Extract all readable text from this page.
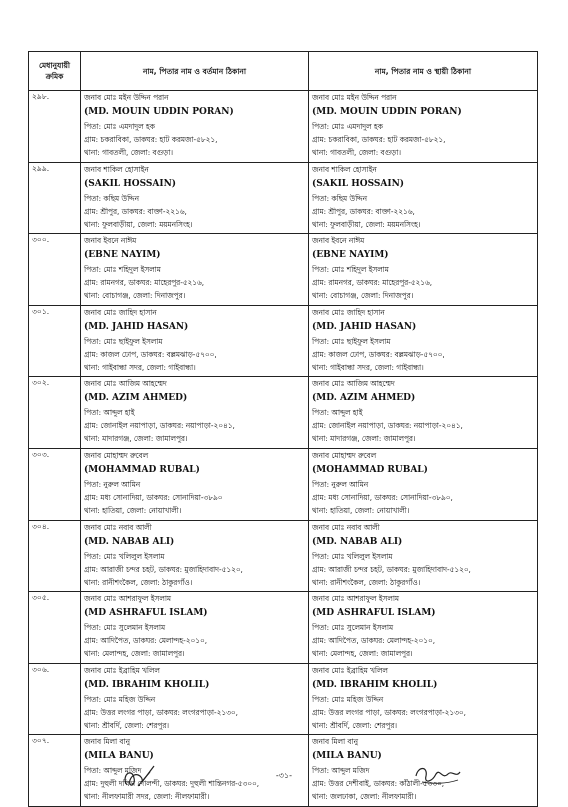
মেধানুযায়ী ক্রমিক	নাম, পিতার নাম ও বর্তমান ঠিকানা	নাম, পিতার নাম ও স্থায়ী ঠিকানা
২৯৮.	জনাব মোঃ মইন উদ্দিন পরান
(MD. MOUIN UDDIN PORAN)
পিতা: মোঃ এমদাদুল হক
গ্রাম: চকরাবিকা, ডাকঘর: হাট করমজা-৫৮২১,
থানা: গাবতলী, জেলা: বগুড়া।	জনাব মোঃ মইন উদ্দিন পরান
(MD. MOUIN UDDIN PORAN)
পিতা: মোঃ এমদাদুল হক
গ্রাম: চকরাবিকা, ডাকঘর: হাট করমজা-৫৮২১,
থানা: গাবতলী, জেলা: বগুড়া।

২৯৯.	জনাব শাকিল হোসাইন
(SAKIL HOSSAIN)
পিতা: কছিম উদ্দিন
গ্রাম: শ্রীপুর, ডাকঘর: বাক্তা-২২১৬,
থানা: ফুলবাড়ীয়া, জেলা: ময়মনসিংহ।	জনাব শাকিল হোসাইন
(SAKIL HOSSAIN)
পিতা: কছিম উদ্দিন
গ্রাম: শ্রীপুর, ডাকঘর: বাক্তা-২২১৬,
থানা: ফুলবাড়ীয়া, জেলা: ময়মনসিংহ।

৩০০.	জনাব ইবনে নাঈম
(EBNE NAYIM)
পিতা: মোঃ শহিদুল ইসলাম
গ্রাম: রামনগর, ডাকঘর: মাহেরপুর-৫২১৬,
থানা: বোচাগঞ্জ, জেলা: দিনাজপুর।	জনাব ইবনে নাঈম
(EBNE NAYIM)
পিতা: মোঃ শহিদুল ইসলাম
গ্রাম: রামনগর, ডাকঘর: মাহেরপুর-৫২১৬,
থানা: বোচাগঞ্জ, জেলা: দিনাজপুর।

৩০১.	জনাব মোঃ জাহিদ হাসান
(MD. JAHID HASAN)
পিতা: মোঃ ছাইফুল ইসলাম
গ্রাম: কাজল ঢোপ, ডাকঘর: বল্লমঝাড়-৫৭০০,
থানা: গাইবান্ধা সদর, জেলা: গাইবান্ধা।	জনাব মোঃ জাহিদ হাসান
(MD. JAHID HASAN)
পিতা: মোঃ ছাইফুল ইসলাম
গ্রাম: কাজল ঢোপ, ডাকঘর: বল্লমঝাড়-৫৭০০,
থানা: গাইবান্ধা সদর, জেলা: গাইবান্ধা।

৩০২.	জনাব মোঃ আজিম আহম্মেদ
(MD. AZIM AHMED)
পিতা: আব্দুল হাই
গ্রাম: জোনাইল নয়াপাড়া, ডাকঘর: নয়াপাড়া-২০৪১,
থানা: মাদারগঞ্জ, জেলা: জামালপুর।	জনাব মোঃ আজিম আহম্মেদ
(MD. AZIM AHMED)
পিতা: আব্দুল হাই
গ্রাম: জোনাইল নয়াপাড়া, ডাকঘর: নয়াপাড়া-২০৪১,
থানা: মাদারগঞ্জ, জেলা: জামালপুর।

৩০৩.	জনাব মোহাম্মদ রুবেল
(MOHAMMAD RUBAL)
পিতা: নুরুল আমিন
গ্রাম: মধ্য সোনাদিয়া, ডাকঘর: সোনাদিয়া-৩৮৯০
থানা: হাতিয়া, জেলা: নোয়াখালী।	জনাব মোহাম্মদ রুবেল
(MOHAMMAD RUBAL)
পিতা: নুরুল আমিন
গ্রাম: মধ্য সোনাদিয়া, ডাকঘর: সোনাদিয়া-৩৮৯০,
থানা: হাতিয়া, জেলা: নোয়াখালী।

৩০৪.	জনাব মোঃ নবাব আলী
(MD. NABAB ALI)
পিতা: মোঃ খলিলুল ইসলাম
গ্রাম: আরাজী চন্দর চহট, ডাকঘর: মুজাহিদাবাদ-৫১২০,
থানা: রানীশংকৈল, জেলা: ঠাকুরগাঁও।	জনাব মোঃ নবাব আলী
(MD. NABAB ALI)
পিতা: মোঃ খলিলুল ইসলাম
গ্রাম: আরাজী চন্দর চহট, ডাকঘর: মুজাহিদাবাদ-৫১২০,
থানা: রানীশংকৈল, জেলা: ঠাকুরগাঁও।

৩০৫.	জনাব মোঃ আশরাফুল ইসলাম
(MD ASHRAFUL ISLAM)
পিতা: মোঃ সুলেমান ইসলাম
গ্রাম: আদিপৈত, ডাকঘর: মেলান্দহ-২০১০,
থানা: মেলান্দহ, জেলা: জামালপুর।	জনাব মোঃ আশরাফুল ইসলাম
(MD ASHRAFUL ISLAM)
পিতা: মোঃ সুলেমান ইসলাম
গ্রাম: আদিপৈত, ডাকঘর: মেলান্দহ-২০১০,
থানা: মেলান্দহ, জেলা: জামালপুর।

৩০৬.	জনাব মোঃ ইব্রাহিম খলিল
(MD. IBRAHIM KHOLIL)
পিতা: মোঃ মহিজ উদ্দিন
গ্রাম: উত্তর লংগর পাড়া, ডাকঘর: লংগরপাড়া-২১৩০,
থানা: শ্রীবর্দি, জেলা: শেরপুর।	জনাব মোঃ ইব্রাহিম খলিল
(MD. IBRAHIM KHOLIL)
পিতা: মোঃ মহিজ উদ্দিন
গ্রাম: উত্তর লংগর পাড়া, ডাকঘর: লংগরপাড়া-২১৩০,
থানা: শ্রীবর্দি, জেলা: শেরপুর।

৩০৭.	জনাব মিলা বানু
(MILA BANU)
পিতা: আব্দুল মজিদ
গ্রাম: দুহুলী দক্ষিণ দোলন্দী, ডাকঘর: দুহুলী শান্তিনগর-৫৩০০,
থানা: নীলফামারী সদর, জেলা: নীলফামারী।	জনাব মিলা বানু
(MILA BANU)
পিতা: আব্দুল মজিদ
গ্রাম: উত্তর দেশীবাই, ডাকঘর: কাঁঠালী-৫৩৩০,
থানা: জলঢাকা, জেলা: নীলফামারী।
-৩১-
